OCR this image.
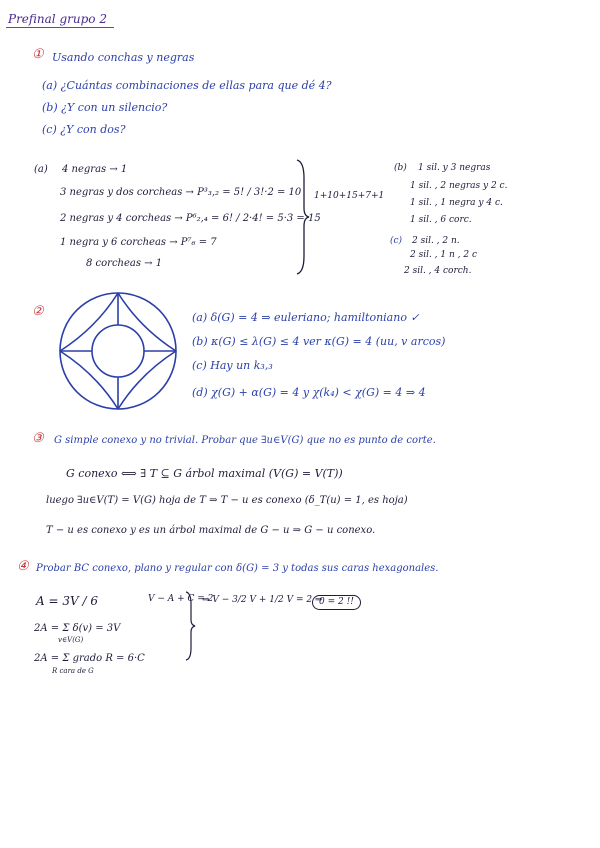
Prefinal grupo 2
① Usando conchas y negras
(a) ¿Cuántas combinaciones de ellas para que dé 4?
(b) ¿Y con un silencio?
(c) ¿Y con dos?
(a) 4 negras → 1
3 negras y dos corcheas → P³₃,₂ = 5! / 3!·2 = 10
2 negras y 4 corcheas → P⁶₂,₄ = 6! / 2·4! = 5·3 = 15
1 negra y 6 corcheas → P⁷₆ = 7
8 corcheas → 1
1+10+15+7+1
(b) 1 sil. y 3 negras
1 sil. , 2 negras y 2 c.
1 sil. , 1 negra y 4 c.
1 sil. , 6 corc.
(c) 2 sil. , 2 n.
2 sil. , 1 n , 2 c
2 sil. , 4 corch.
②	(a) δ(G) = 4 ⇒ euleriano; hamiltoniano ✓
(b) κ(G) ≤ λ(G) ≤ 4 ver κ(G) = 4 (uu, v arcos)
(c) Hay un k₃,₃
(d) χ(G) + α(G) = 4 y χ(k₄) < χ(G) = 4 ⇒ 4
③ G simple conexo y no trivial. Probar que ∃u∈V(G) que no es punto de corte.
G conexo ⟺ ∃ T ⊆ G árbol maximal (V(G) = V(T))
luego ∃u∈V(T) = V(G) hoja de T ⇒ T − u es conexo (δ_T(u) = 1, es hoja)
T − u es conexo y es un árbol maximal de G − u ⇒ G − u conexo.
④ Probar BC conexo, plano y regular con δ(G) = 3 y todas sus caras hexagonales.
A = 3V / 6
2A = Σ δ(v) = 3V
v∈V(G)
2A = Σ grado R = 6·C
R cara de G
V − A + C = 2
⇒ V − 3/2 V + 1/2 V = 2 ⇒
0 = 2 !!
